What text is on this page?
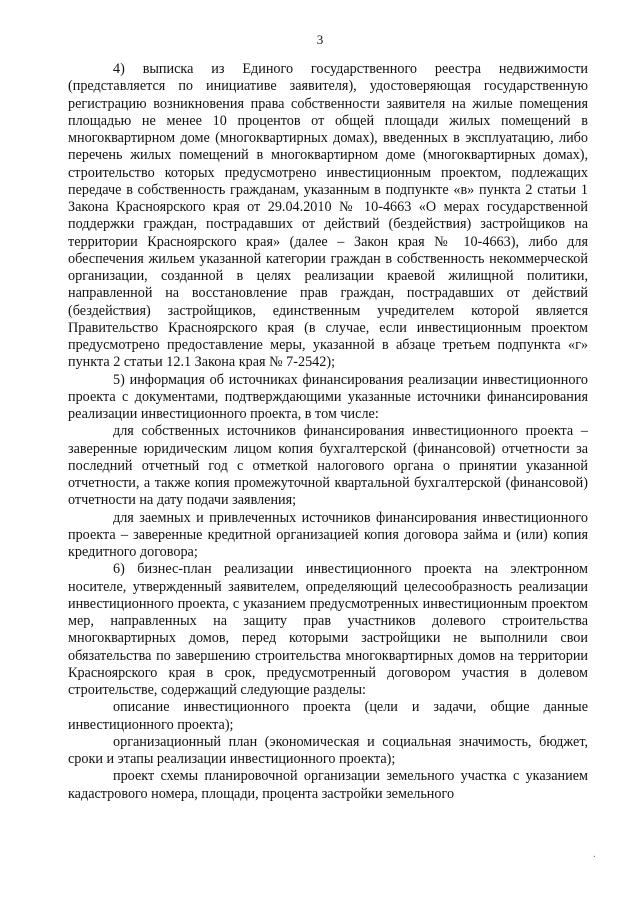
3

4) выписка из Единого государственного реестра недвижимости (представляется по инициативе заявителя), удостоверяющая государственную регистрацию возникновения права собственности заявителя на жилые помещения площадью не менее 10 процентов от общей площади жилых помещений в многоквартирном доме (многоквартирных домах), введенных в эксплуатацию, либо перечень жилых помещений в многоквартирном доме (многоквартирных домах), строительство которых предусмотрено инвестиционным проектом, подлежащих передаче в собственность гражданам, указанным в подпункте «в» пункта 2 статьи 1 Закона Красноярского края от 29.04.2010 № 10-4663 «О мерах государственной поддержки граждан, пострадавших от действий (бездействия) застройщиков на территории Красноярского края» (далее – Закон края № 10-4663), либо для обеспечения жильем указанной категории граждан в собственность некоммерческой организации, созданной в целях реализации краевой жилищной политики, направленной на восстановление прав граждан, пострадавших от действий (бездействия) застройщиков, единственным учредителем которой является Правительство Красноярского края (в случае, если инвестиционным проектом предусмотрено предоставление меры, указанной в абзаце третьем подпункта «г» пункта 2 статьи 12.1 Закона края № 7-2542);

5) информация об источниках финансирования реализации инвестиционного проекта с документами, подтверждающими указанные источники финансирования реализации инвестиционного проекта, в том числе:

для собственных источников финансирования инвестиционного проекта – заверенные юридическим лицом копия бухгалтерской (финансовой) отчетности за последний отчетный год с отметкой налогового органа о принятии указанной отчетности, а также копия промежуточной квартальной бухгалтерской (финансовой) отчетности на дату подачи заявления;

для заемных и привлеченных источников финансирования инвестиционного проекта – заверенные кредитной организацией копия договора займа и (или) копия кредитного договора;

6) бизнес-план реализации инвестиционного проекта на электронном носителе, утвержденный заявителем, определяющий целесообразность реализации инвестиционного проекта, с указанием предусмотренных инвестиционным проектом мер, направленных на защиту прав участников долевого строительства многоквартирных домов, перед которыми застройщики не выполнили свои обязательства по завершению строительства многоквартирных домов на территории Красноярского края в срок, предусмотренный договором участия в долевом строительстве, содержащий следующие разделы:

описание инвестиционного проекта (цели и задачи, общие данные инвестиционного проекта);

организационный план (экономическая и социальная значимость, бюджет, сроки и этапы реализации инвестиционного проекта);

проект схемы планировочной организации земельного участка с указанием кадастрового номера, площади, процента застройки земельного

·
